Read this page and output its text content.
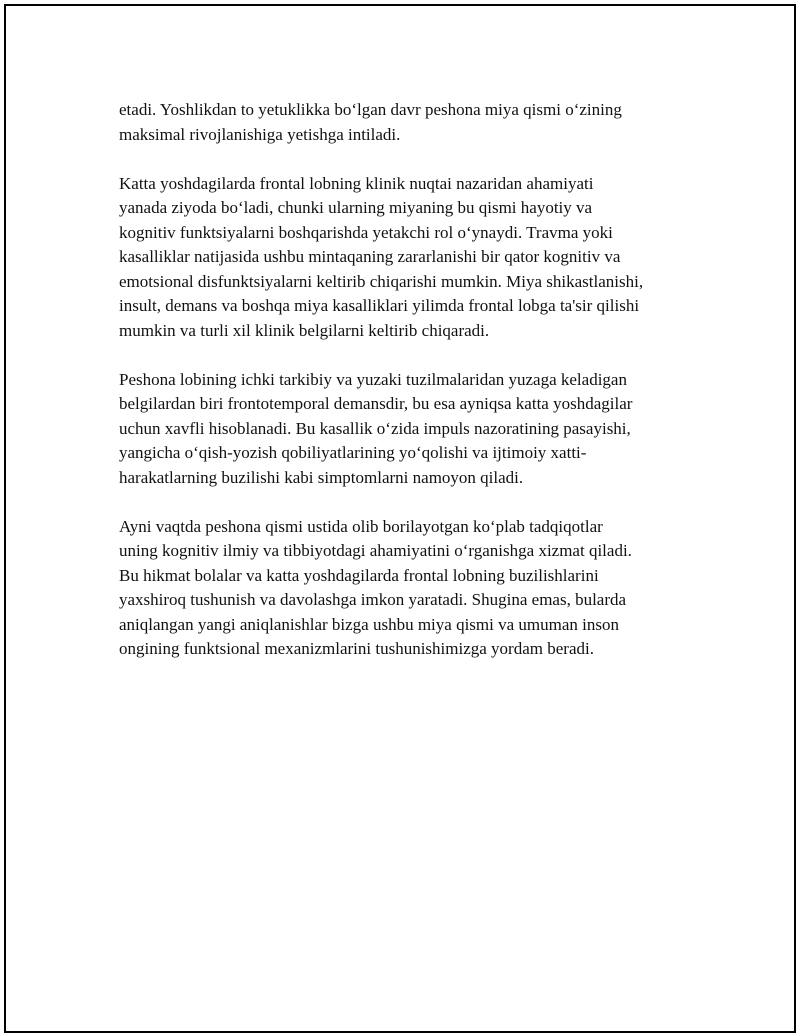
etadi. Yoshlikdan to yetuklikka bo‘lgan davr peshona miya qismi o‘zining
maksimal rivojlanishiga yetishga intiladi.

Katta yoshdagilarda frontal lobning klinik nuqtai nazaridan ahamiyati
yanada ziyoda bo‘ladi, chunki ularning miyaning bu qismi hayotiy va
kognitiv funktsiyalarni boshqarishda yetakchi rol o‘ynaydi. Travma yoki
kasalliklar natijasida ushbu mintaqaning zararlanishi bir qator kognitiv va
emotsional disfunktsiyalarni keltirib chiqarishi mumkin. Miya shikastlanishi,
insult, demans va boshqa miya kasalliklari yilimda frontal lobga ta'sir qilishi
mumkin va turli xil klinik belgilarni keltirib chiqaradi.

Peshona lobining ichki tarkibiy va yuzaki tuzilmalaridan yuzaga keladigan
belgilardan biri frontotemporal demansdir, bu esa ayniqsa katta yoshdagilar
uchun xavfli hisoblanadi. Bu kasallik o‘zida impuls nazoratining pasayishi,
yangicha o‘qish-yozish qobiliyatlarining yo‘qolishi va ijtimoiy xatti-
harakatlarning buzilishi kabi simptomlarni namoyon qiladi.

Ayni vaqtda peshona qismi ustida olib borilayotgan ko‘plab tadqiqotlar
uning kognitiv ilmiy va tibbiyotdagi ahamiyatini o‘rganishga xizmat qiladi.
Bu hikmat bolalar va katta yoshdagilarda frontal lobning buzilishlarini
yaxshiroq tushunish va davolashga imkon yaratadi. Shugina emas, bularda
aniqlangan yangi aniqlanishlar bizga ushbu miya qismi va umuman inson
ongining funktsional mexanizmlarini tushunishimizga yordam beradi.
